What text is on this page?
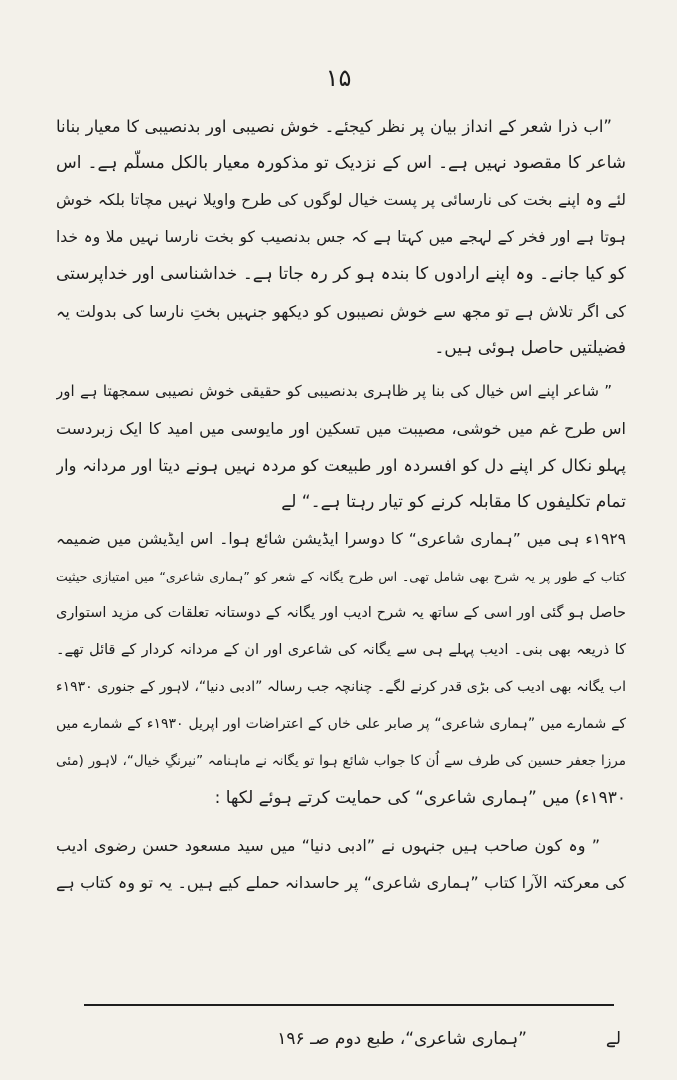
۱۵
”اب ذرا شعر کے انداز بیان پر نظر کیجئے۔ خوش نصیبی اور بدنصیبی کا معیار بنانا
شاعر کا مقصود نہیں ہے۔ اس کے نزدیک تو مذکورہ معیار بالکل مسلّم ہے۔ اس
لئے وہ اپنے بخت کی نارسائی پر پست خیال لوگوں کی طرح واویلا نہیں مچاتا بلکہ خوش
ہوتا ہے اور فخر کے لہجے میں کہتا ہے کہ جس بدنصیب کو بخت نارسا نہیں ملا وہ خدا
کو کیا جانے۔ وہ اپنے ارادوں کا بندہ ہو کر رہ جاتا ہے۔ خداشناسی اور خداپرستی
کی اگر تلاش ہے تو مجھ سے خوش نصیبوں کو دیکھو جنہیں بختِ نارسا کی بدولت یہ
فضیلتیں حاصل ہوئی ہیں۔
” شاعر اپنے اس خیال کی بنا پر ظاہری بدنصیبی کو حقیقی خوش نصیبی سمجھتا ہے اور
اس طرح غم میں خوشی، مصیبت میں تسکین اور مایوسی میں امید کا ایک زبردست
پہلو نکال کر اپنے دل کو افسردہ اور طبیعت کو مردہ نہیں ہونے دیتا اور مردانہ وار
تمام تکلیفوں کا مقابلہ کرنے کو تیار رہتا ہے۔“ لے
۱۹۲۹ء ہی میں ”ہماری شاعری“ کا دوسرا ایڈیشن شائع ہوا۔ اس ایڈیشن میں ضمیمہ
کتاب کے طور پر یہ شرح بھی شامل تھی۔ اس طرح یگانہ کے شعر کو ”ہماری شاعری“ میں امتیازی حیثیت
حاصل ہو گئی اور اسی کے ساتھ یہ شرح ادیب اور یگانہ کے دوستانہ تعلقات کی مزید استواری
کا ذریعہ بھی بنی۔ ادیب پہلے ہی سے یگانہ کی شاعری اور ان کے مردانہ کردار کے قائل تھے۔
اب یگانہ بھی ادیب کی بڑی قدر کرنے لگے۔ چنانچہ جب رسالہ ”ادبی دنیا“، لاہور کے جنوری ۱۹۳۰ء
کے شمارے میں ”ہماری شاعری“ پر صابر علی خاں کے اعتراضات اور اپریل ۱۹۳۰ء کے شمارے میں
مرزا جعفر حسین کی طرف سے اُن کا جواب شائع ہوا تو یگانہ نے ماہنامہ ”نیرنگِ خیال“، لاہور (مئی
۱۹۳۰ء) میں ”ہماری شاعری“ کی حمایت کرتے ہوئے لکھا :
” وہ کون صاحب ہیں جنہوں نے ”ادبی دنیا“ میں سید مسعود حسن رضوی ادیب
کی معرکتہ الآرا کتاب ”ہماری شاعری“ پر حاسدانہ حملے کیے ہیں۔ یہ تو وہ کتاب ہے
لے
”ہماری شاعری“، طبع دوم صـ ۱۹۶
